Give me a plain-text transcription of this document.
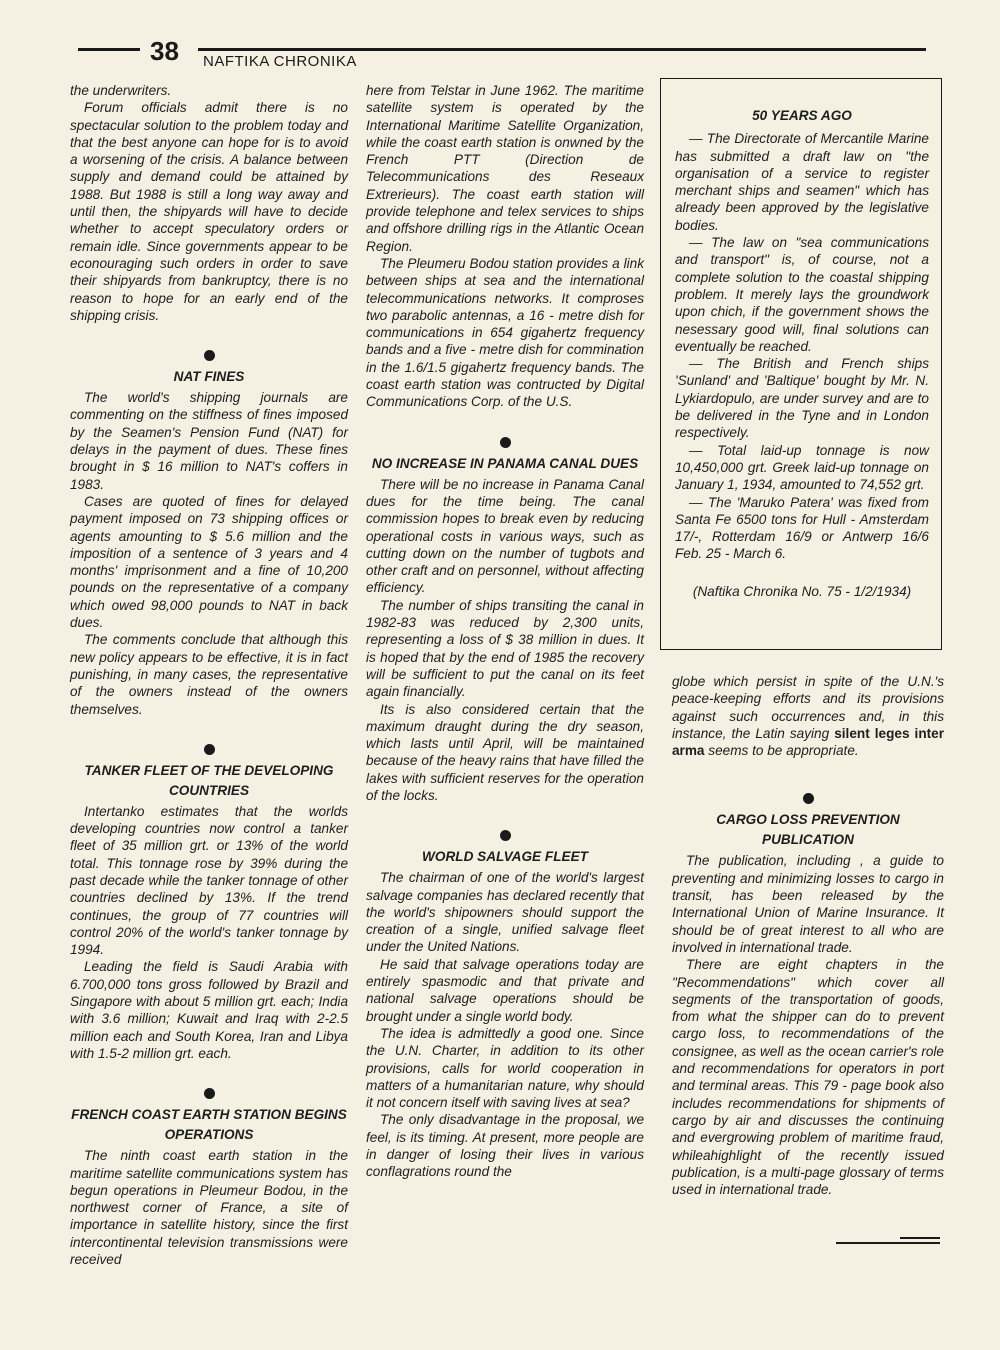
38 NAFTIKA CHRONIKA

the underwriters.

Forum officials admit there is no spectacular solution to the problem today and that the best anyone can hope for is to avoid a worsening of the crisis. A balance between supply and demand could be attained by 1988. But 1988 is still a long way away and until then, the shipyards will have to decide whether to accept speculatory orders or remain idle. Since governments appear to be econouraging such orders in order to save their shipyards from bankruptcy, there is no reason to hope for an early end of the shipping crisis.

NAT FINES

The world's shipping journals are commenting on the stiffness of fines imposed by the Seamen's Pension Fund (NAT) for delays in the payment of dues. These fines brought in $ 16 million to NAT's coffers in 1983.

Cases are quoted of fines for delayed payment imposed on 73 shipping offices or agents amounting to $ 5.6 million and the imposition of a sentence of 3 years and 4 months' imprisonment and a fine of 10,200 pounds on the representative of a company which owed 98,000 pounds to NAT in back dues.

The comments conclude that although this new policy appears to be effective, it is in fact punishing, in many cases, the representative of the owners instead of the owners themselves.

TANKER FLEET OF THE DEVELOPING COUNTRIES

Intertanko estimates that the worlds developing countries now control a tanker fleet of 35 million grt. or 13% of the world total. This tonnage rose by 39% during the past decade while the tanker tonnage of other countries declined by 13%. If the trend continues, the group of 77 countries will control 20% of the world's tanker tonnage by 1994.

Leading the field is Saudi Arabia with 6.700,000 tons gross followed by Brazil and Singapore with about 5 million grt. each; India with 3.6 million; Kuwait and Iraq with 2-2.5 million each and South Korea, Iran and Libya with 1.5-2 million grt. each.

FRENCH COAST EARTH STATION BEGINS OPERATIONS

The ninth coast earth station in the maritime satellite communications system has begun operations in Pleumeur Bodou, in the northwest corner of France, a site of importance in satellite history, since the first intercontinental television transmissions were received

here from Telstar in June 1962. The maritime satellite system is operated by the International Maritime Satellite Organization, while the coast earth station is onwned by the French PTT (Direction de Telecommunications des Reseaux Extrerieurs). The coast earth station will provide telephone and telex services to ships and offshore drilling rigs in the Atlantic Ocean Region.

The Pleumeru Bodou station provides a link between ships at sea and the international telecommunications networks. It comproses two parabolic antennas, a 16 - metre dish for communications in 654 gigahertz frequency bands and a five - metre dish for commination in the 1.6/1.5 gigahertz frequency bands. The coast earth station was contructed by Digital Communications Corp. of the U.S.

NO INCREASE IN PANAMA CANAL DUES

There will be no increase in Panama Canal dues for the time being. The canal commission hopes to break even by reducing operational costs in various ways, such as cutting down on the number of tugbots and other craft and on personnel, without affecting efficiency.

The number of ships transiting the canal in 1982-83 was reduced by 2,300 units, representing a loss of $ 38 million in dues. It is hoped that by the end of 1985 the recovery will be sufficient to put the canal on its feet again financially.

Its is also considered certain that the maximum draught during the dry season, which lasts until April, will be maintained because of the heavy rains that have filled the lakes with sufficient reserves for the operation of the locks.

WORLD SALVAGE FLEET

The chairman of one of the world's largest salvage companies has declared recently that the world's shipowners should support the creation of a single, unified salvage fleet under the United Nations.

He said that salvage operations today are entirely spasmodic and that private and national salvage operations should be brought under a single world body.

The idea is admittedly a good one. Since the U.N. Charter, in addition to its other provisions, calls for world cooperation in matters of a humanitarian nature, why should it not concern itself with saving lives at sea?

The only disadvantage in the proposal, we feel, is its timing. At present, more people are in danger of losing their lives in various conflagrations round the

50 YEARS AGO

— The Directorate of Mercantile Marine has submitted a draft law on "the organisation of a service to register merchant ships and seamen" which has already been approved by the legislative bodies.

— The law on "sea communications and transport" is, of course, not a complete solution to the coastal shipping problem. It merely lays the groundwork upon chich, if the government shows the nesessary good will, final solutions can eventually be reached.

— The British and French ships 'Sunland' and 'Baltique' bought by Mr. N. Lykiardopulo, are under survey and are to be delivered in the Tyne and in London respectively.

— Total laid-up tonnage is now 10,450,000 grt. Greek laid-up tonnage on January 1, 1934, amounted to 74,552 grt.

— The 'Maruko Patera' was fixed from Santa Fe 6500 tons for Hull - Amsterdam 17/-, Rotterdam 16/9 or Antwerp 16/6 Feb. 25 - March 6.

(Naftika Chronika No. 75 - 1/2/1934)

globe which persist in spite of the U.N.'s peace-keeping efforts and its provisions against such occurrences and, in this instance, the Latin saying silent leges inter arma seems to be appropriate.

CARGO LOSS PREVENTION PUBLICATION

The publication, including , a guide to preventing and minimizing losses to cargo in transit, has been released by the International Union of Marine Insurance. It should be of great interest to all who are involved in international trade.

There are eight chapters in the "Recommendations" which cover all segments of the transportation of goods, from what the shipper can do to prevent cargo loss, to recommendations of the consignee, as well as the ocean carrier's role and recommendations for operators in port and terminal areas. This 79 - page book also includes recommendations for shipments of cargo by air and discusses the continuing and evergrowing problem of maritime fraud, whileahighlight of the recently issued publication, is a multi-page glossary of terms used in international trade.
